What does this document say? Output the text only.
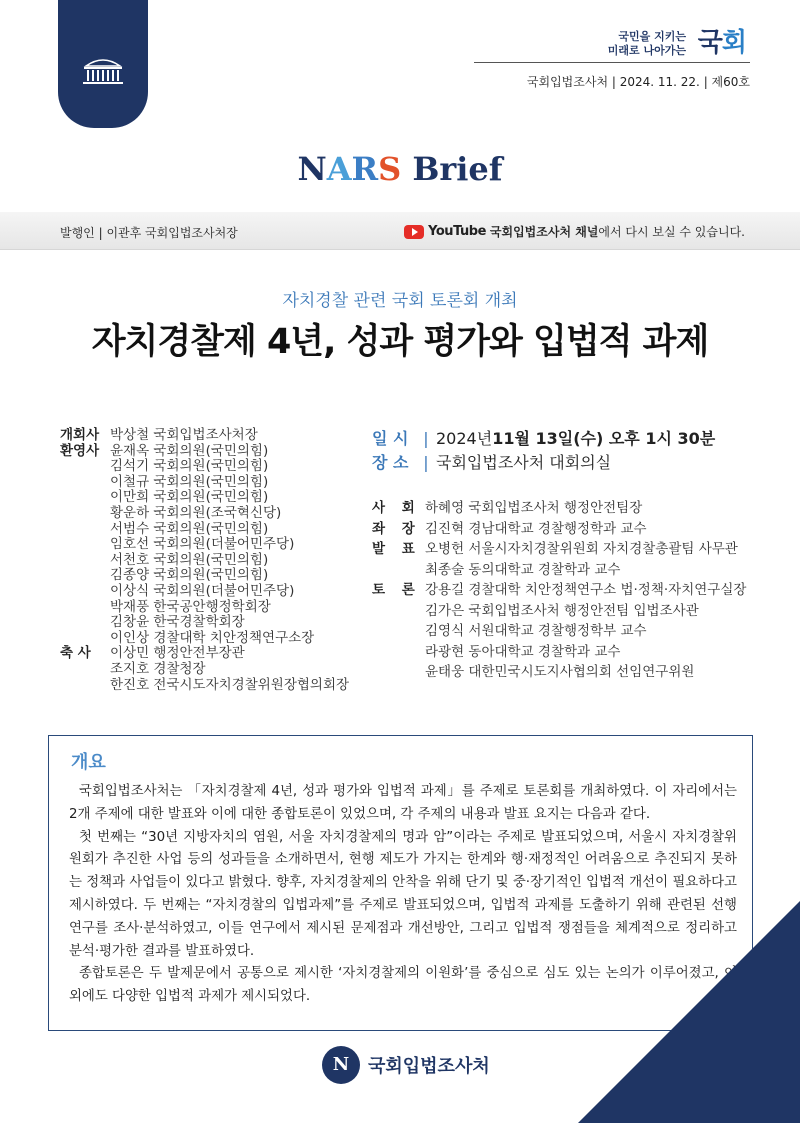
국민을 지키는
미래로 나아가는 국회
국회입법조사처 | 2024. 11. 22. | 제60호
NARS Brief
발행인 | 이관후 국회입법조사처장	YouTube 국회입법조사처 채널에서 다시 보실 수 있습니다.
자치경찰 관련 국회 토론회 개최
자치경찰제 4년, 성과 평가와 입법적 과제
개회사 박상철 국회입법조사처장
환영사 윤재옥 국회의원(국민의힘)
김석기 국회의원(국민의힘)
이철규 국회의원(국민의힘)
이만희 국회의원(국민의힘)
황운하 국회의원(조국혁신당)
서범수 국회의원(국민의힘)
임호선 국회의원(더불어민주당)
서천호 국회의원(국민의힘)
김종양 국회의원(국민의힘)
이상식 국회의원(더불어민주당)
박재풍 한국공안행정학회장
김창윤 한국경찰학회장
이인상 경찰대학 치안정책연구소장
이상민 행정안전부장관
축 사
조지호 경찰청장
한진호 전국시도자치경찰위원장협의회장
일 시 | 2024년11월 13일(수) 오후 1시 30분
장 소 | 국회입법조사처 대회의실
사 회 하혜영 국회입법조사처 행정안전팀장
좌 장 김진혁 경남대학교 경찰행정학과 교수
발 표 오병헌 서울시자치경찰위원회 자치경찰총괄팀 사무관
최종술 동의대학교 경찰학과 교수
토 론 강용길 경찰대학 치안정책연구소 법·정책·자치연구실장
김가은 국회입법조사처 행정안전팀 입법조사관
김영식 서원대학교 경찰행정학부 교수
라광현 동아대학교 경찰학과 교수
윤태웅 대한민국시도지사협의회 선임연구위원
개요

국회입법조사처는 「자치경찰제 4년, 성과 평가와 입법적 과제」를 주제로 토론회를 개최하였다. 이 자리에서는 2개 주제에 대한 발표와 이에 대한 종합토론이 있었으며, 각 주제의 내용과 발표 요지는 다음과 같다.

첫 번째는 “30년 지방자치의 염원, 서울 자치경찰제의 명과 암”이라는 주제로 발표되었으며, 서울시 자치경찰위원회가 추진한 사업 등의 성과들을 소개하면서, 현행 제도가 가지는 한계와 행·재정적인 어려움으로 추진되지 못하는 정책과 사업들이 있다고 밝혔다. 향후, 자치경찰제의 안착을 위해 단기 및 중·장기적인 입법적 개선이 필요하다고 제시하였다. 두 번째는 “자치경찰의 입법과제”를 주제로 발표되었으며, 입법적 과제를 도출하기 위해 관련된 선행연구를 조사·분석하였고, 이들 연구에서 제시된 문제점과 개선방안, 그리고 입법적 쟁점들을 체계적으로 정리하고 분석·평가한 결과를 발표하였다.

종합토론은 두 발제문에서 공통으로 제시한 ‘자치경찰제의 이원화’를 중심으로 심도 있는 논의가 이루어졌고, 이 외에도 다양한 입법적 과제가 제시되었다.

N
국회입법조사처
